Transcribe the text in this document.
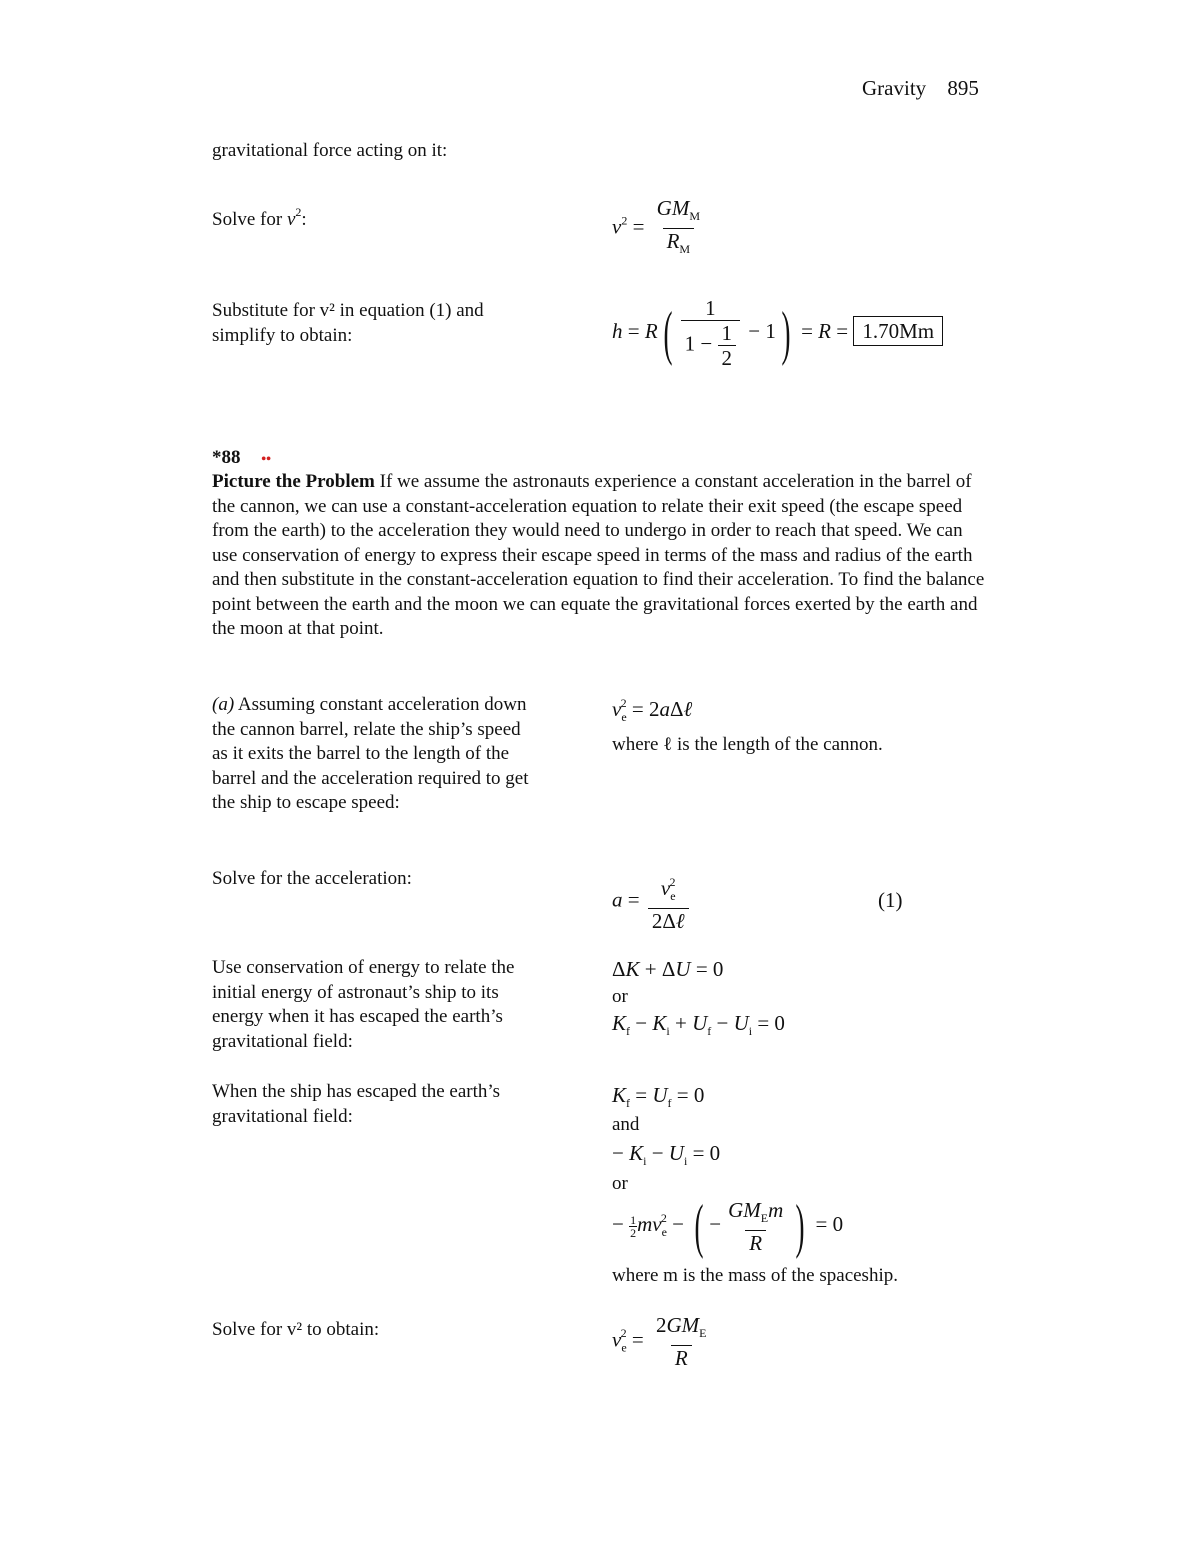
Gravity 895
gravitational force acting on it:
Solve for $v^2$:	$v^2 = \frac{GM_M}{R_M}$
Substitute for v² in equation (1) and simplify to obtain:	$h = R( \frac{1}{1 - \frac{1}{2}} - 1) = R = 1.70Mm$
*88 ••
Picture the Problem If we assume the astronauts experience a constant acceleration in the barrel of the cannon, we can use a constant-acceleration equation to relate their exit speed (the escape speed from the earth) to the acceleration they would need to undergo in order to reach that speed. We can use conservation of energy to express their escape speed in terms of the mass and radius of the earth and then substitute in the constant-acceleration equation to find their acceleration. To find the balance point between the earth and the moon we can equate the gravitational forces exerted by the earth and the moon at that point.
(a) Assuming constant acceleration down the cannon barrel, relate the ship’s speed as it exits the barrel to the length of the barrel and the acceleration required to get the ship to escape speed:
$v_e^2$ = 2aΔℓ
where ℓ is the length of the cannon.
Solve for the acceleration:
$a = \frac{v_e^2}{\text{2Δℓ}}$	(1)
Use conservation of energy to relate the initial energy of astronaut’s ship to its energy when it has escaped the earth’s gravitational field:
ΔK + ΔU = 0
or
$K_f - K_i + U_f - U_i = 0$
When the ship has escaped the earth’s gravitational field:
$K_f = U_f = 0$
and
− $K_i - U_i = 0$
or
− $\frac{1}{2} mv_e^2$ − ( − $\frac{GM_Em}{R}$ ) = 0
where m is the mass of the spaceship.
Solve for v² to obtain:	$v_e^2 = \frac{2GM_E}{R}$
